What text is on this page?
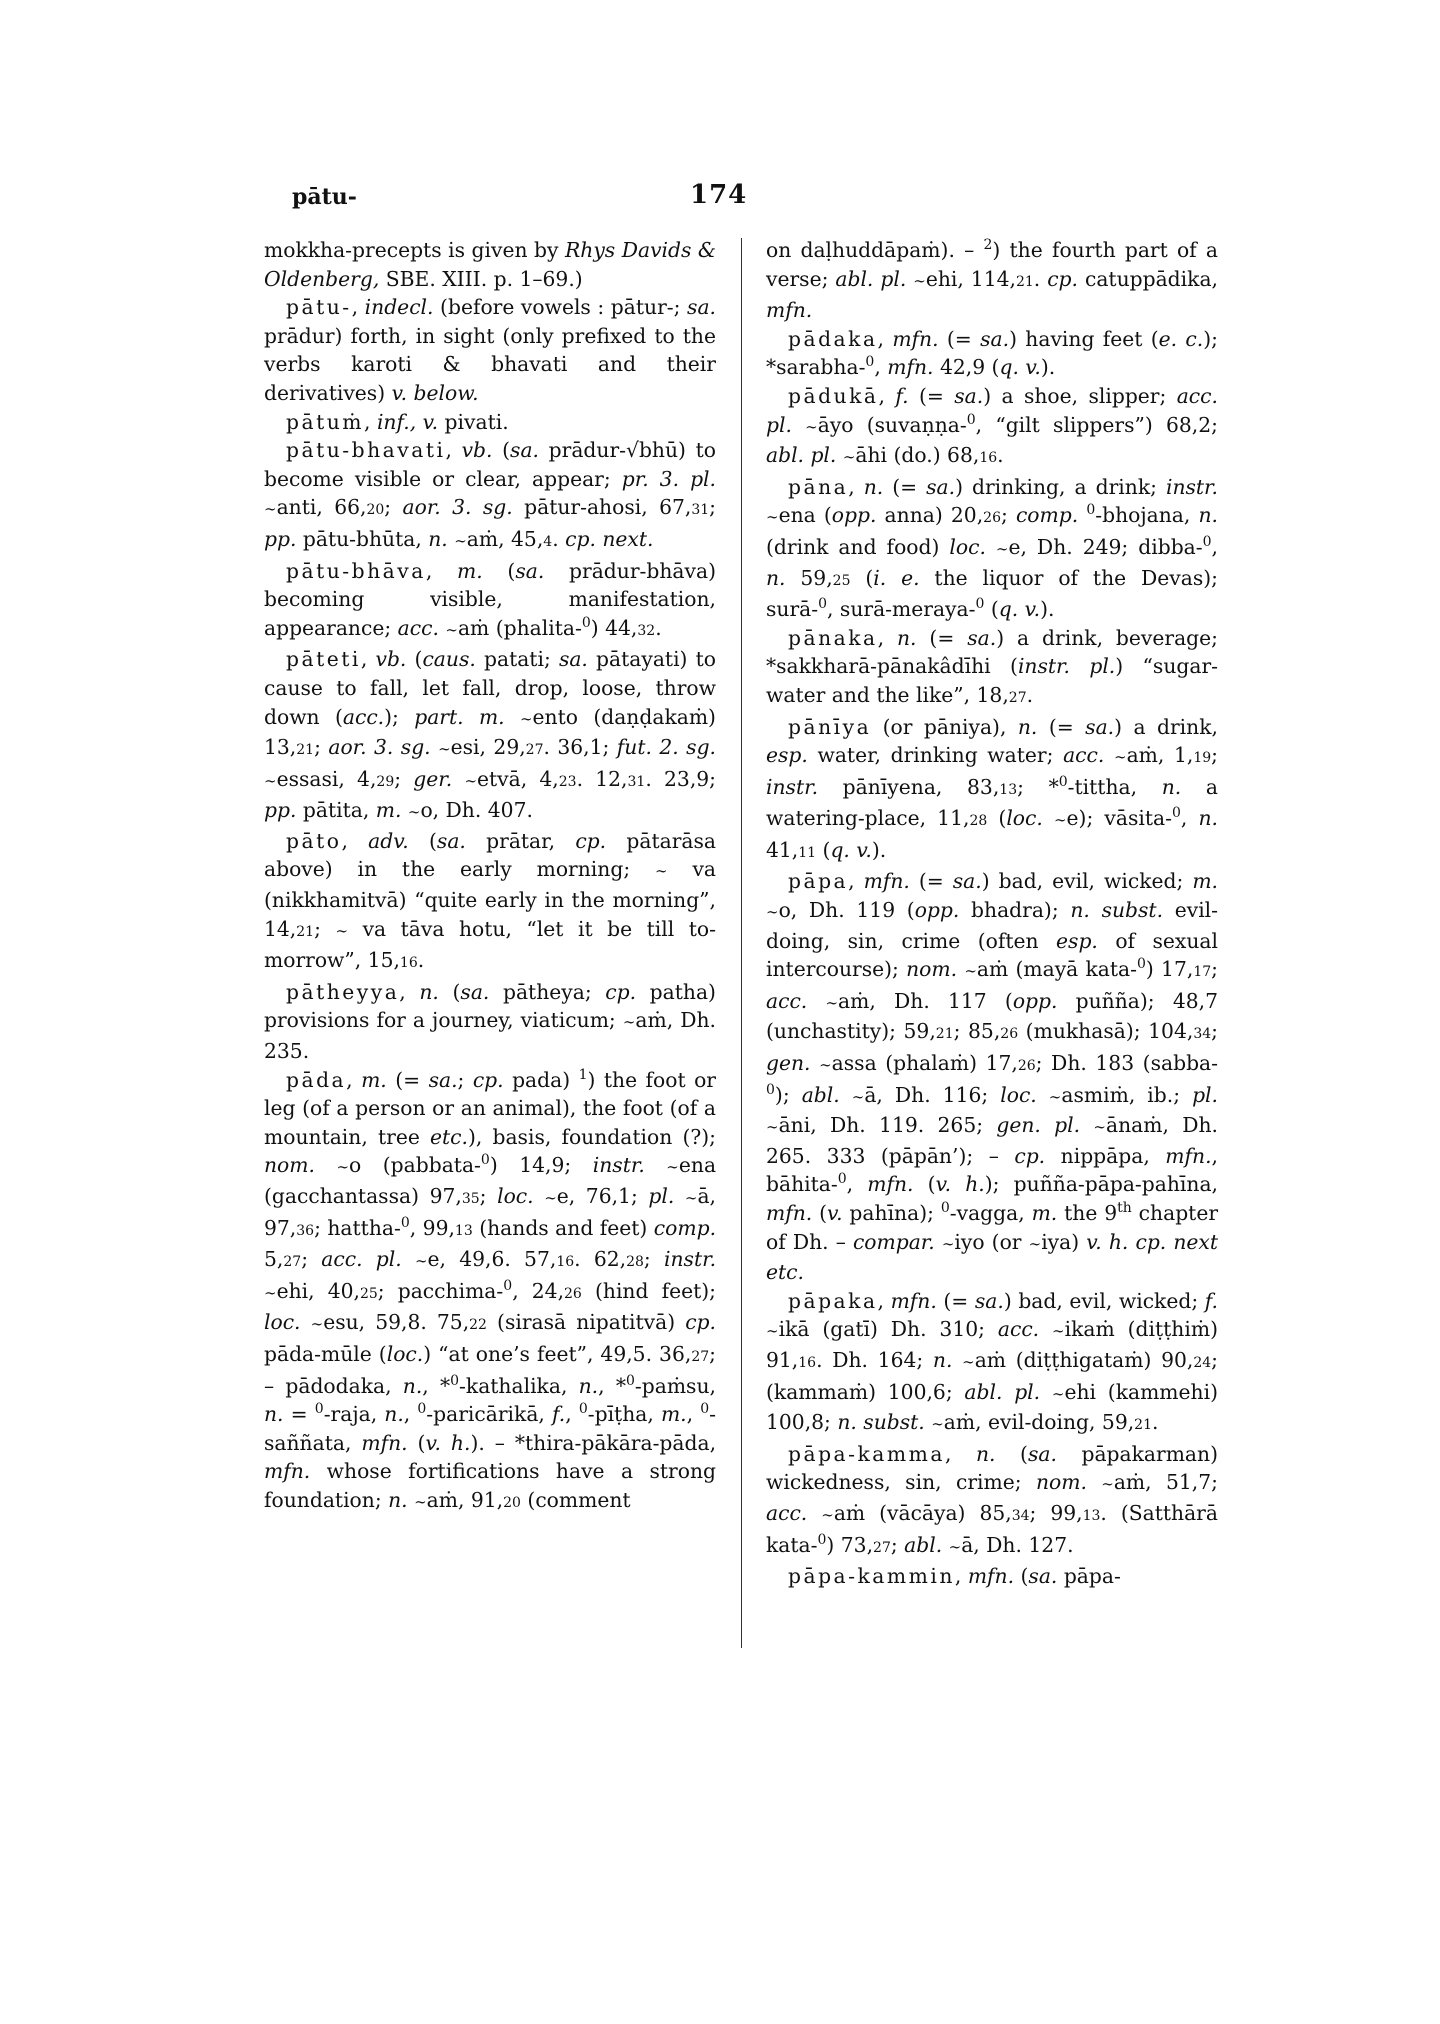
pātu-	174

mokkha-precepts is given by Rhys Davids & Oldenberg, SBE. XIII. p. 1–69.)

pātu-, indecl. (before vowels : pātur-; sa. prādur) forth, in sight (only prefixed to the verbs karoti & bhavati and their derivatives) v. below.

pātuṁ, inf., v. pivati.

pātu-bhavati, vb. (sa. prādur-√bhū) to become visible or clear, appear; pr. 3. pl. ∼anti, 66,20; aor. 3. sg. pātur-ahosi, 67,31; pp. pātu-bhūta, n. ∼aṁ, 45,4. cp. next.

pātu-bhāva, m. (sa. prādur-bhāva) becoming visible, manifestation, appearance; acc. ∼aṁ (phalita-$^0$) 44,32.

pāteti, vb. (caus. patati; sa. pātayati) to cause to fall, let fall, drop, loose, throw down (acc.); part. m. ∼ento (daṇḍakaṁ) 13,21; aor. 3. sg. ∼esi, 29,27. 36,1; fut. 2. sg. ∼essasi, 4,29; ger. ∼etvā, 4,23. 12,31. 23,9; pp. pātita, m. ∼o, Dh. 407.

pāto, adv. (sa. prātar, cp. pātarāsa above) in the early morning; ∼ va (nikkhamitvā) “quite early in the morning”, 14,21; ∼ va tāva hotu, “let it be till to-morrow”, 15,16.

pātheyya, n. (sa. pātheya; cp. patha) provisions for a journey, viaticum; ∼aṁ, Dh. 235.

pāda, m. (= sa.; cp. pada) $^1$) the foot or leg (of a person or an animal), the foot (of a mountain, tree etc.), basis, foundation (?); nom. ∼o (pabbata-$^0$) 14,9; instr. ∼ena (gacchantassa) 97,35; loc. ∼e, 76,1; pl. ∼ā, 97,36; hattha-$^0$, 99,13 (hands and feet) comp. 5,27; acc. pl. ∼e, 49,6. 57,16. 62,28; instr. ∼ehi, 40,25; pacchima-$^0$, 24,26 (hind feet); loc. ∼esu, 59,8. 75,22 (sirasā nipatitvā) cp. pāda-mūle (loc.) “at one’s feet”, 49,5. 36,27; – pādodaka, n., *$^0$-kathalika, n., *$^0$-paṁsu, n. = $^0$-raja, n., $^0$-paricārikā, f., $^0$-pīṭha, m., $^0$-saññata, mfn. (v. h.). – *thira-pākāra-pāda, mfn. whose fortifications have a strong foundation; n. ∼aṁ, 91,20 (comment

on daḷhuddāpaṁ). – $^2$) the fourth part of a verse; abl. pl. ∼ehi, 114,21. cp. catuppādika, mfn.

pādaka, mfn. (= sa.) having feet (e. c.); *sarabha-$^0$, mfn. 42,9 (q. v.).

pādukā, f. (= sa.) a shoe, slipper; acc. pl. ∼āyo (suvaṇṇa-$^0$, “gilt slippers”) 68,2; abl. pl. ∼āhi (do.) 68,16.

pāna, n. (= sa.) drinking, a drink; instr. ∼ena (opp. anna) 20,26; comp. $^0$-bhojana, n. (drink and food) loc. ∼e, Dh. 249; dibba-$^0$, n. 59,25 (i. e. the liquor of the Devas); surā-$^0$, surā-meraya-$^0$ (q. v.).

pānaka, n. (= sa.) a drink, beverage; *sakkharā-pānakâdīhi (instr. pl.) “sugar-water and the like”, 18,27.

pānīya (or pāniya), n. (= sa.) a drink, esp. water, drinking water; acc. ∼aṁ, 1,19; instr. pānīyena, 83,13; *$^0$-tittha, n. a watering-place, 11,28 (loc. ∼e); vāsita-$^0$, n. 41,11 (q. v.).

pāpa, mfn. (= sa.) bad, evil, wicked; m. ∼o, Dh. 119 (opp. bhadra); n. subst. evil-doing, sin, crime (often esp. of sexual intercourse); nom. ∼aṁ (mayā kata-$^0$) 17,17; acc. ∼aṁ, Dh. 117 (opp. puñña); 48,7 (unchastity); 59,21; 85,26 (mukhasā); 104,34; gen. ∼assa (phalaṁ) 17,26; Dh. 183 (sabba-$^0$); abl. ∼ā, Dh. 116; loc. ∼asmiṁ, ib.; pl. ∼āni, Dh. 119. 265; gen. pl. ∼ānaṁ, Dh. 265. 333 (pāpān’); – cp. nippāpa, mfn., bāhita-$^0$, mfn. (v. h.); puñña-pāpa-pahīna, mfn. (v. pahīna); $^0$-vagga, m. the 9th chapter of Dh. – compar. ∼iyo (or ∼iya) v. h. cp. next etc.

pāpaka, mfn. (= sa.) bad, evil, wicked; f. ∼ikā (gatī) Dh. 310; acc. ∼ikaṁ (diṭṭhiṁ) 91,16. Dh. 164; n. ∼aṁ (diṭṭhigataṁ) 90,24; (kammaṁ) 100,6; abl. pl. ∼ehi (kammehi) 100,8; n. subst. ∼aṁ, evil-doing, 59,21.

pāpa-kamma, n. (sa. pāpakarman) wickedness, sin, crime; nom. ∼aṁ, 51,7; acc. ∼aṁ (vācāya) 85,34; 99,13. (Satthārā kata-$^0$) 73,27; abl. ∼ā, Dh. 127.

pāpa-kammin, mfn. (sa. pāpa-
